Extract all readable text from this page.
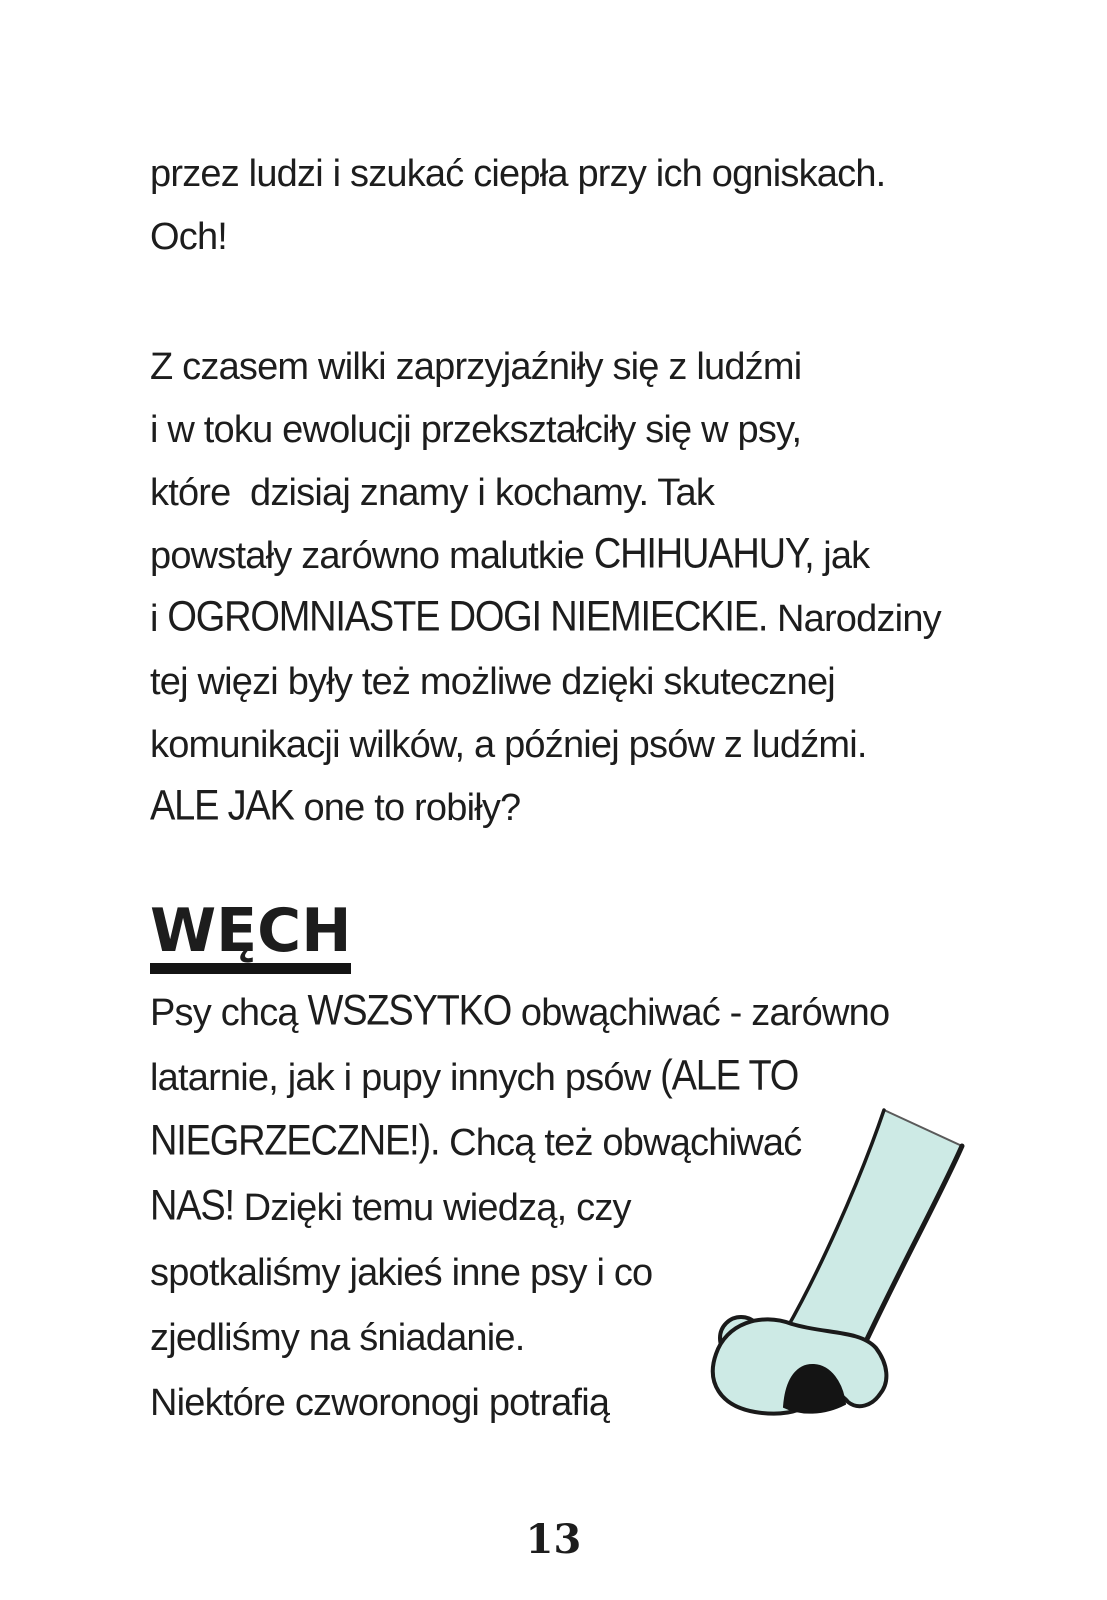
przez ludzi i szukać ciepła przy ich ogniskach.
Och!
Z czasem wilki zaprzyjaźniły się z ludźmi
i w toku ewolucji przekształciły się w psy,
które  dzisiaj znamy i kochamy. Tak
powstały zarówno malutkie CHIHUAHUY, jak
i OGROMNIASTE DOGI NIEMIECKIE. Narodziny
tej więzi były też możliwe dzięki skutecznej
komunikacji wilków, a później psów z ludźmi.
ALE JAK one to robiły?
WĘCH
Psy chcą WSZSYTKO obwąchiwać - zarówno
latarnie, jak i pupy innych psów (ALE TO
NIEGRZECZNE!). Chcą też obwąchiwać
NAS! Dzięki temu wiedzą, czy
spotkaliśmy jakieś inne psy i co
zjedliśmy na śniadanie.
Niektóre czworonogi potrafią
13
